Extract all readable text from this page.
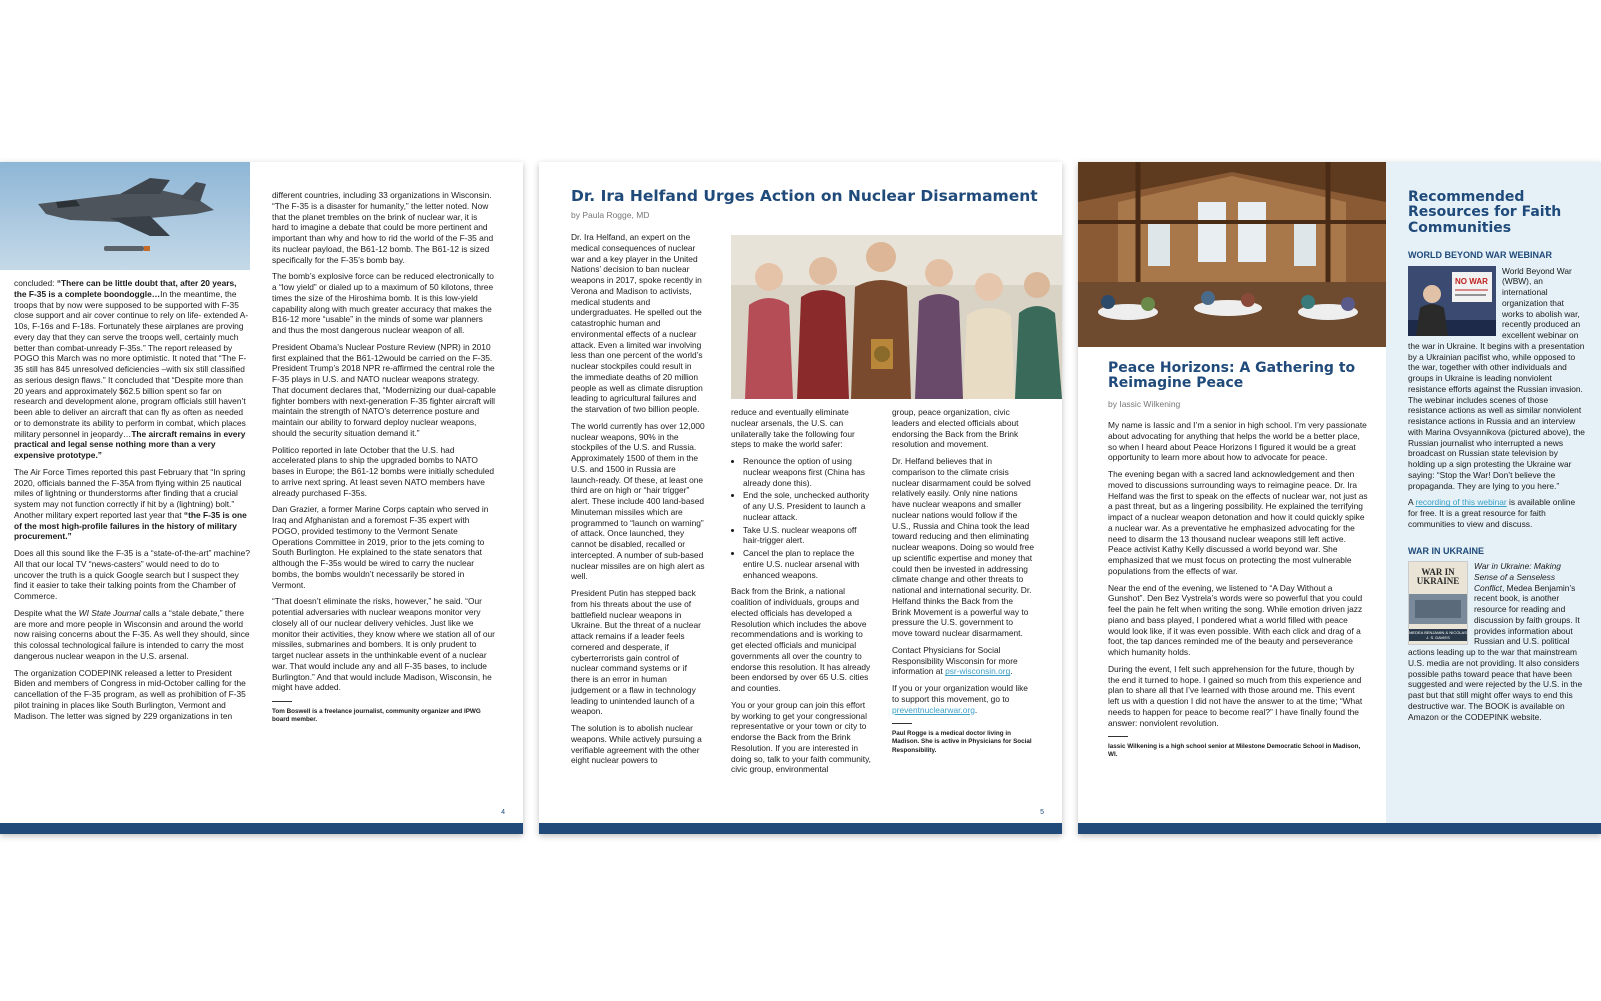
concluded: “There can be little doubt that, after 20 years, the F-35 is a complete boondoggle…In the meantime, the troops that by now were supposed to be supported with F-35 close support and air cover continue to rely on life- extended A-10s, F-16s and F-18s. Fortunately these airplanes are proving every day that they can serve the troops well, certainly much better than combat-unready F-35s.” The report released by POGO this March was no more optimistic. It noted that “The F-35 still has 845 unresolved deficiencies –with six still classified as serious design flaws.” It concluded that “Despite more than 20 years and approximately $62.5 billion spent so far on research and development alone, program officials still haven’t been able to deliver an aircraft that can fly as often as needed or to demonstrate its ability to perform in combat, which places military personnel in jeopardy…The aircraft remains in every practical and legal sense nothing more than a very expensive prototype.”

The Air Force Times reported this past February that “In spring 2020, officials banned the F-35A from flying within 25 nautical miles of lightning or thunderstorms after finding that a crucial system may not function correctly if hit by a (lightning) bolt.” Another military expert reported last year that “the F-35 is one of the most high-profile failures in the history of military procurement.”

Does all this sound like the F-35 is a “state-of-the-art” machine? All that our local TV “news-casters” would need to do to uncover the truth is a quick Google search but I suspect they find it easier to take their talking points from the Chamber of Commerce.

Despite what the WI State Journal calls a “stale debate,” there are more and more people in Wisconsin and around the world now raising concerns about the F-35. As well they should, since this colossal technological failure is intended to carry the most dangerous nuclear weapon in the U.S. arsenal.

The organization CODEPINK released a letter to President Biden and members of Congress in mid-October calling for the cancellation of the F-35 program, as well as prohibition of F-35 pilot training in places like South Burlington, Vermont and Madison. The letter was signed by 229 organizations in ten

different countries, including 33 organizations in Wisconsin. “The F-35 is a disaster for humanity,” the letter noted. Now that the planet trembles on the brink of nuclear war, it is hard to imagine a debate that could be more pertinent and important than why and how to rid the world of the F-35 and its nuclear payload, the B61-12 bomb. The B61-12 is sized specifically for the F-35’s bomb bay.

The bomb’s explosive force can be reduced electronically to a “low yield” or dialed up to a maximum of 50 kilotons, three times the size of the Hiroshima bomb. It is this low-yield capability along with much greater accuracy that makes the B16-12 more “usable” in the minds of some war planners and thus the most dangerous nuclear weapon of all.

President Obama’s Nuclear Posture Review (NPR) in 2010 first explained that the B61-12would be carried on the F-35. President Trump’s 2018 NPR re-affirmed the central role the F-35 plays in U.S. and NATO nuclear weapons strategy. That document declares that, “Modernizing our dual-capable fighter bombers with next-generation F-35 fighter aircraft will maintain the strength of NATO’s deterrence posture and maintain our ability to forward deploy nuclear weapons, should the security situation demand it.”

Politico reported in late October that the U.S. had accelerated plans to ship the upgraded bombs to NATO bases in Europe; the B61-12 bombs were initially scheduled to arrive next spring. At least seven NATO members have already purchased F-35s.

Dan Grazier, a former Marine Corps captain who served in Iraq and Afghanistan and a foremost F-35 expert with POGO, provided testimony to the Vermont Senate Operations Committee in 2019, prior to the jets coming to South Burlington. He explained to the state senators that although the F-35s would be wired to carry the nuclear bombs, the bombs wouldn’t necessarily be stored in Vermont.

“That doesn’t eliminate the risks, however,” he said. “Our potential adversaries with nuclear weapons monitor very closely all of our nuclear delivery vehicles. Just like we monitor their activities, they know where we station all of our missiles, submarines and bombers. It is only prudent to target nuclear assets in the unthinkable event of a nuclear war. That would include any and all F-35 bases, to include Burlington.” And that would include Madison, Wisconsin, he might have added.

Tom Boswell is a freelance journalist, community organizer and IPWG board member.
4
Dr. Ira Helfand Urges Action on Nuclear Disarmament
by Paula Rogge, MD

Dr. Ira Helfand, an expert on the medical consequences of nuclear war and a key player in the United Nations’ decision to ban nuclear weapons in 2017, spoke recently in Verona and Madison to activists, medical students and undergraduates. He spelled out the catastrophic human and environmental effects of a nuclear attack. Even a limited war involving less than one percent of the world’s nuclear stockpiles could result in the immediate deaths of 20 million people as well as climate disruption leading to agricultural failures and the starvation of two billion people.

The world currently has over 12,000 nuclear weapons, 90% in the stockpiles of the U.S. and Russia. Approximately 1500 of them in the U.S. and 1500 in Russia are launch-ready. Of these, at least one third are on high or “hair trigger” alert. These include 400 land-based Minuteman missiles which are programmed to “launch on warning” of attack. Once launched, they cannot be disabled, recalled or intercepted. A number of sub-based nuclear missiles are on high alert as well.

President Putin has stepped back from his threats about the use of battlefield nuclear weapons in Ukraine. But the threat of a nuclear attack remains if a leader feels cornered and desperate, if cyberterrorists gain control of nuclear command systems or if there is an error in human judgement or a flaw in technology leading to unintended launch of a weapon.

The solution is to abolish nuclear weapons. While actively pursuing a verifiable agreement with the other eight nuclear powers to

reduce and eventually eliminate nuclear arsenals, the U.S. can unilaterally take the following four steps to make the world safer:

• Renounce the option of using nuclear weapons first (China has already done this).
• End the sole, unchecked authority of any U.S. President to launch a nuclear attack.
• Take U.S. nuclear weapons off hair-trigger alert.
• Cancel the plan to replace the entire U.S. nuclear arsenal with enhanced weapons.

Back from the Brink, a national coalition of individuals, groups and elected officials has developed a Resolution which includes the above recommendations and is working to get elected officials and municipal governments all over the country to endorse this resolution. It has already been endorsed by over 65 U.S. cities and counties.

You or your group can join this effort by working to get your congressional representative or your town or city to endorse the Back from the Brink Resolution. If you are interested in doing so, talk to your faith community, civic group, environmental

group, peace organization, civic leaders and elected officials about endorsing the Back from the Brink resolution and movement.

Dr. Helfand believes that in comparison to the climate crisis nuclear disarmament could be solved relatively easily. Only nine nations have nuclear weapons and smaller nuclear nations would follow if the U.S., Russia and China took the lead toward reducing and then eliminating nuclear weapons. Doing so would free up scientific expertise and money that could then be invested in addressing climate change and other threats to national and international security. Dr. Helfand thinks the Back from the Brink Movement is a powerful way to pressure the U.S. government to move toward nuclear disarmament.

Contact Physicians for Social Responsibility Wisconsin for more information at psr-wisconsin.org.

If you or your organization would like to support this movement, go to preventnuclearwar.org.

Paul Rogge is a medical doctor living in Madison. She is active in Physicians for Social Responsibility.
5
Peace Horizons: A Gathering to Reimagine Peace
by Iassic Wilkening

My name is Iassic and I’m a senior in high school. I’m very passionate about advocating for anything that helps the world be a better place, so when I heard about Peace Horizons I figured it would be a great opportunity to learn more about how to advocate for peace.

The evening began with a sacred land acknowledgement and then moved to discussions surrounding ways to reimagine peace. Dr. Ira Helfand was the first to speak on the effects of nuclear war, not just as a past threat, but as a lingering possibility. He explained the terrifying impact of a nuclear weapon detonation and how it could quickly spike a nuclear war. As a preventative he emphasized advocating for the need to disarm the 13 thousand nuclear weapons still left active. Peace activist Kathy Kelly discussed a world beyond war. She emphasized that we must focus on protecting the most vulnerable populations from the effects of war.

Near the end of the evening, we listened to “A Day Without a Gunshot”. Den Bez Vystrela’s words were so powerful that you could feel the pain he felt when writing the song. While emotion driven jazz piano and bass played, I pondered what a world filled with peace would look like, if it was even possible. With each click and drag of a foot, the tap dances reminded me of the beauty and perseverance which humanity holds.

During the event, I felt such apprehension for the future, though by the end it turned to hope. I gained so much from this experience and plan to share all that I’ve learned with those around me. This event left us with a question I did not have the answer to at the time; “What needs to happen for peace to become real?” I have finally found the answer: nonviolent revolution.

Iassic Wilkening is a high school senior at Milestone Democratic School in Madison, WI.
Recommended Resources for Faith Communities
WORLD BEYOND WAR WEBINAR
NO WAR

World Beyond War (WBW), an international organization that works to abolish war, recently produced an excellent webinar on the war in Ukraine. It begins with a presentation by a Ukrainian pacifist who, while opposed to the war, together with other individuals and groups in Ukraine is leading nonviolent resistance efforts against the Russian invasion. The webinar includes scenes of those resistance actions as well as similar nonviolent resistance actions in Russia and an interview with Marina Ovsyannikova (pictured above), the Russian journalist who interrupted a news broadcast on Russian state television by holding up a sign protesting the Ukraine war saying: “Stop the War! Don’t believe the propaganda. They are lying to you here.”

A recording of this webinar is available online for free. It is a great resource for faith communities to view and discuss.

WAR IN UKRAINE
WAR IN UKRAINE
MEDEA BENJAMIN & NICOLAS J. S. DAVIES

War in Ukraine: Making Sense of a Senseless Conflict, Medea Benjamin’s recent book, is another resource for reading and discussion by faith groups. It provides information about Russian and U.S. political actions leading up to the war that mainstream U.S. media are not providing. It also considers possible paths toward peace that have been suggested and were rejected by the U.S. in the past but that still might offer ways to end this destructive war. The BOOK is available on Amazon or the CODEPINK website.
